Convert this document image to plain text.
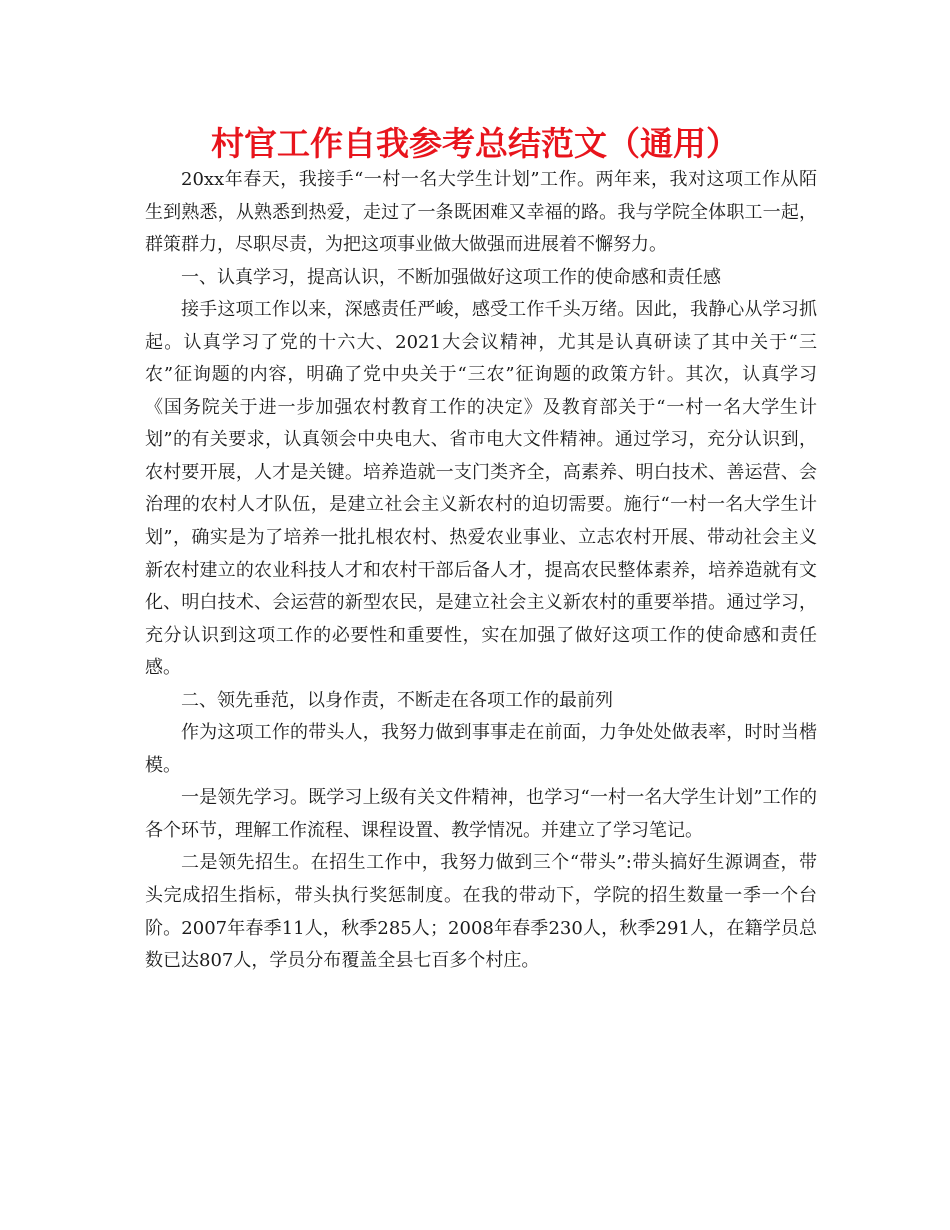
村官工作自我参考总结范文（通用）

20xx年春天，我接手“一村一名大学生计划”工作。两年来，我对这项工作从陌生到熟悉，从熟悉到热爱，走过了一条既困难又幸福的路。我与学院全体职工一起，群策群力，尽职尽责，为把这项事业做大做强而进展着不懈努力。

一、认真学习，提高认识，不断加强做好这项工作的使命感和责任感

接手这项工作以来，深感责任严峻，感受工作千头万绪。因此，我静心从学习抓起。认真学习了党的十六大、2021大会议精神，尤其是认真研读了其中关于“三农”征询题的内容，明确了党中央关于“三农”征询题的政策方针。其次，认真学习《国务院关于进一步加强农村教育工作的决定》及教育部关于“一村一名大学生计划”的有关要求，认真领会中央电大、省市电大文件精神。通过学习，充分认识到，农村要开展，人才是关键。培养造就一支门类齐全，高素养、明白技术、善运营、会治理的农村人才队伍，是建立社会主义新农村的迫切需要。施行“一村一名大学生计划”，确实是为了培养一批扎根农村、热爱农业事业、立志农村开展、带动社会主义新农村建立的农业科技人才和农村干部后备人才，提高农民整体素养，培养造就有文化、明白技术、会运营的新型农民，是建立社会主义新农村的重要举措。通过学习，充分认识到这项工作的必要性和重要性，实在加强了做好这项工作的使命感和责任感。

二、领先垂范，以身作责，不断走在各项工作的最前列

作为这项工作的带头人，我努力做到事事走在前面，力争处处做表率，时时当楷模。

一是领先学习。既学习上级有关文件精神，也学习“一村一名大学生计划”工作的各个环节，理解工作流程、课程设置、教学情况。并建立了学习笔记。

二是领先招生。在招生工作中，我努力做到三个“带头”:带头搞好生源调查，带头完成招生指标，带头执行奖惩制度。在我的带动下，学院的招生数量一季一个台阶。2007年春季11人，秋季285人；2008年春季230人，秋季291人，在籍学员总数已达807人，学员分布覆盖全县七百多个村庄。
